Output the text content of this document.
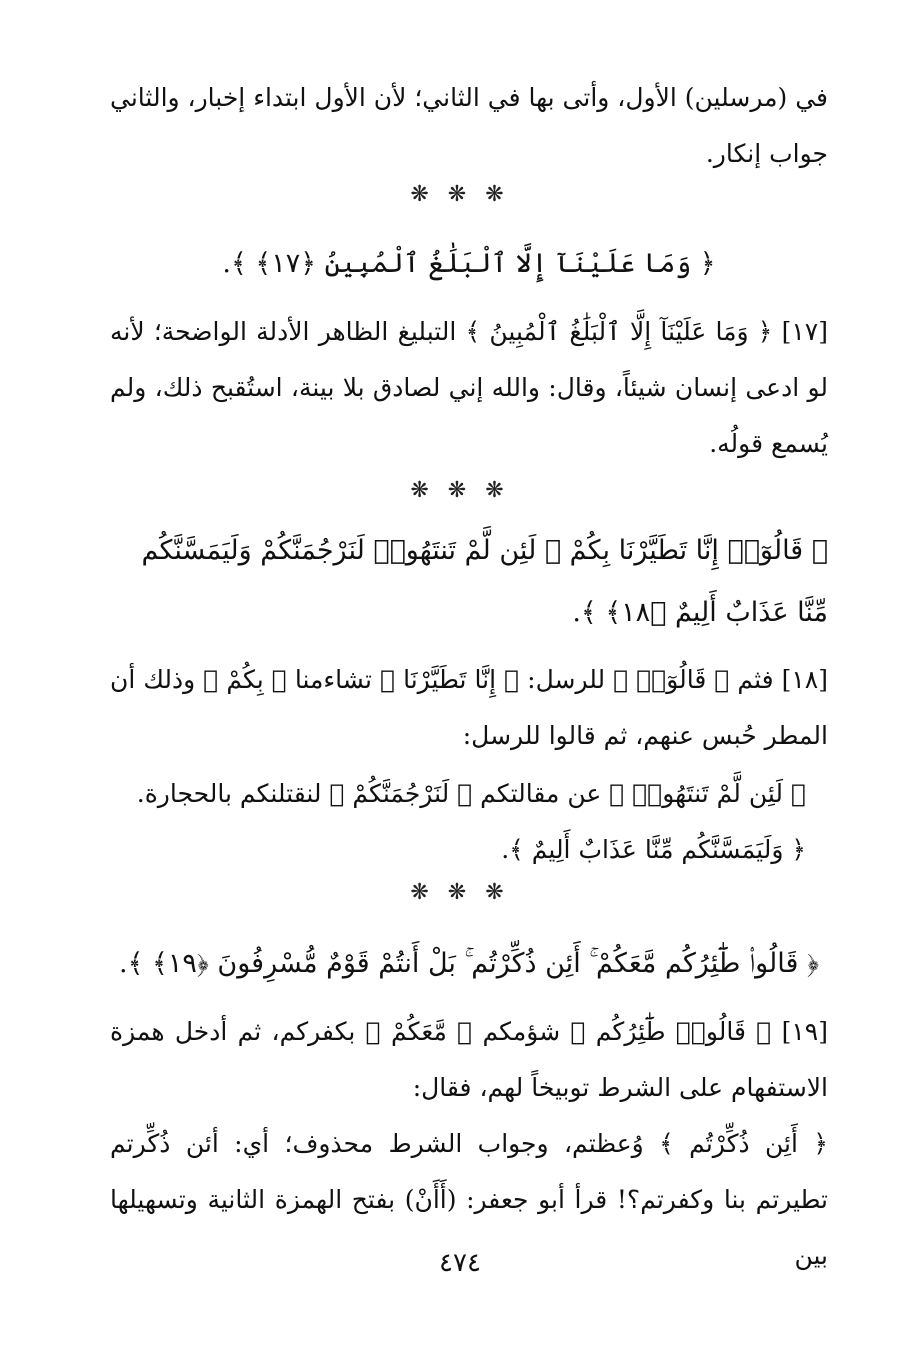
في (مرسلين) الأول، وأتى بها في الثاني؛ لأن الأول ابتداء إخبار، والثاني جواب إنكار.
❋ ❋ ❋
﴿ وَمَا عَلَيْنَآ إِلَّا ٱلْبَلَٰغُ ٱلْمُبِينُ ﴿١٧﴾ ﴾.
[١٧] ﴿ وَمَا عَلَيْنَآ إِلَّا ٱلْبَلَٰغُ ٱلْمُبِينُ ﴾ التبليغ الظاهر الأدلة الواضحة؛ لأنه لو ادعى إنسان شيئاً، وقال: والله إني لصادق بلا بينة، استُقبح ذلك، ولم يُسمع قولُه.
❋ ❋ ❋
﴿ قَالُوٓا۟ إِنَّا تَطَيَّرْنَا بِكُمْ ۖ لَئِن لَّمْ تَنتَهُوا۟ لَنَرْجُمَنَّكُمْ وَلَيَمَسَّنَّكُم مِّنَّا عَذَابٌ أَلِيمٌ ﴿١٨﴾ ﴾.
[١٨] فثم ﴿ قَالُوٓا۟ ﴾ للرسل: ﴿ إِنَّا تَطَيَّرْنَا ﴾ تشاءمنا ﴿ بِكُمْ ﴾ وذلك أن المطر حُبس عنهم، ثم قالوا للرسل:
﴿ لَئِن لَّمْ تَنتَهُوا۟ ﴾ عن مقالتكم ﴿ لَنَرْجُمَنَّكُمْ ﴾ لنقتلنكم بالحجارة.
﴿ وَلَيَمَسَّنَّكُم مِّنَّا عَذَابٌ أَلِيمٌ ﴾.
❋ ❋ ❋
﴿ قَالُوا۟ طَٰٓئِرُكُم مَّعَكُمْ ۚ أَئِن ذُكِّرْتُم ۚ بَلْ أَنتُمْ قَوْمٌ مُّسْرِفُونَ ﴿١٩﴾ ﴾.
[١٩] ﴿ قَالُوا۟ طَٰٓئِرُكُم ﴾ شؤمكم ﴿ مَّعَكُمْ ﴾ بكفركم، ثم أدخل همزة الاستفهام على الشرط توبيخاً لهم، فقال:
﴿ أَئِن ذُكِّرْتُم ﴾ وُعظتم، وجواب الشرط محذوف؛ أي: أئن ذُكِّرتم تطيرتم بنا وكفرتم؟! قرأ أبو جعفر: (أَأَنْ) بفتح الهمزة الثانية وتسهيلها بين
٤٧٤
